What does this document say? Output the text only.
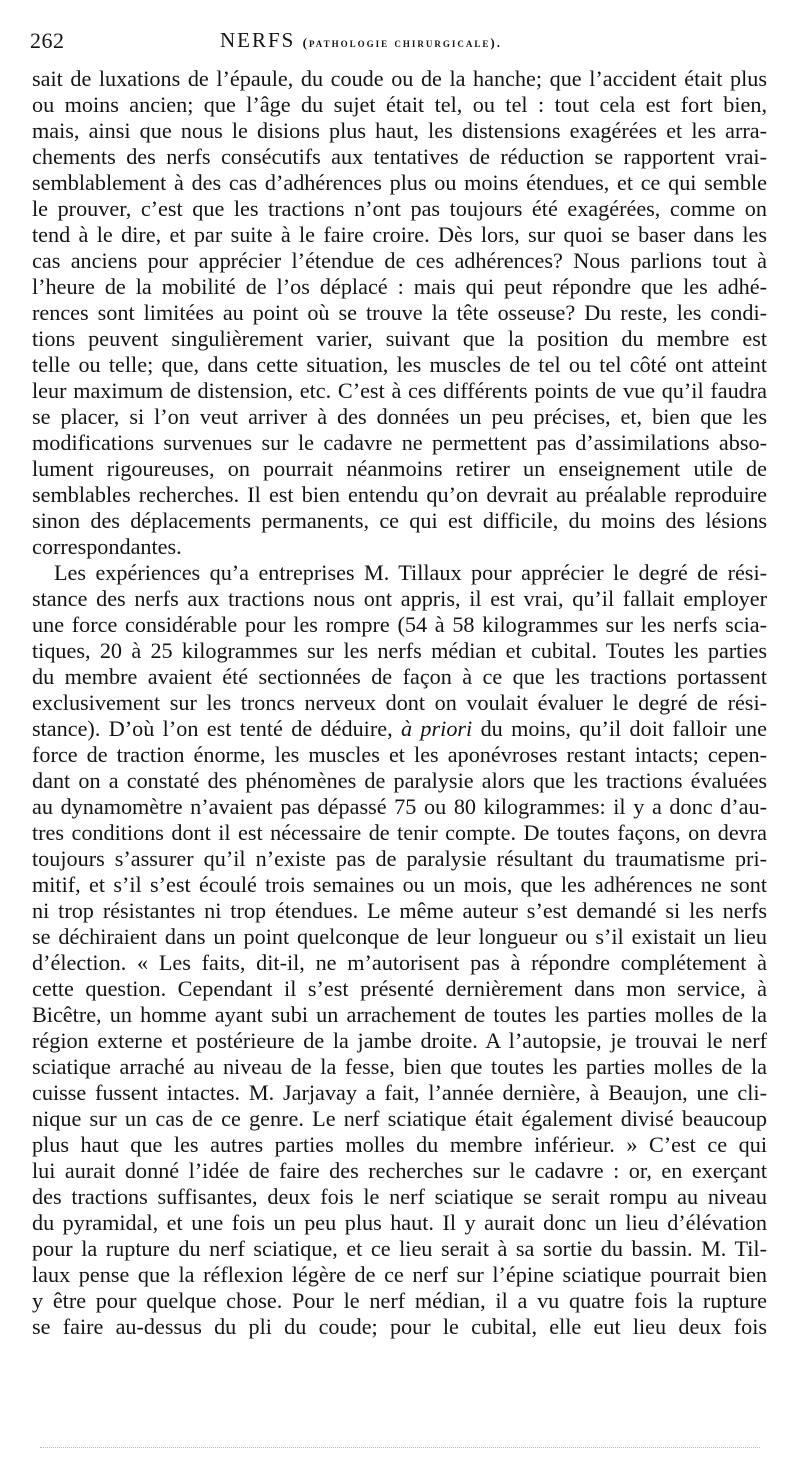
262	NERFS (pathologie chirurgicale).
sait de luxations de l’épaule, du coude ou de la hanche; que l’accident était plus
ou moins ancien; que l’âge du sujet était tel, ou tel : tout cela est fort bien,
mais, ainsi que nous le disions plus haut, les distensions exagérées et les arra-
chements des nerfs consécutifs aux tentatives de réduction se rapportent vrai-
semblablement à des cas d’adhérences plus ou moins étendues, et ce qui semble
le prouver, c’est que les tractions n’ont pas toujours été exagérées, comme on
tend à le dire, et par suite à le faire croire. Dès lors, sur quoi se baser dans les
cas anciens pour apprécier l’étendue de ces adhérences? Nous parlions tout à
l’heure de la mobilité de l’os déplacé : mais qui peut répondre que les adhé-
rences sont limitées au point où se trouve la tête osseuse? Du reste, les condi-
tions peuvent singulièrement varier, suivant que la position du membre est
telle ou telle; que, dans cette situation, les muscles de tel ou tel côté ont atteint
leur maximum de distension, etc. C’est à ces différents points de vue qu’il faudra
se placer, si l’on veut arriver à des données un peu précises, et, bien que les
modifications survenues sur le cadavre ne permettent pas d’assimilations abso-
lument rigoureuses, on pourrait néanmoins retirer un enseignement utile de
semblables recherches. Il est bien entendu qu’on devrait au préalable reproduire
sinon des déplacements permanents, ce qui est difficile, du moins des lésions
correspondantes.
Les expériences qu’a entreprises M. Tillaux pour apprécier le degré de rési-
stance des nerfs aux tractions nous ont appris, il est vrai, qu’il fallait employer
une force considérable pour les rompre (54 à 58 kilogrammes sur les nerfs scia-
tiques, 20 à 25 kilogrammes sur les nerfs médian et cubital. Toutes les parties
du membre avaient été sectionnées de façon à ce que les tractions portassent
exclusivement sur les troncs nerveux dont on voulait évaluer le degré de rési-
stance). D’où l’on est tenté de déduire, à priori du moins, qu’il doit falloir une
force de traction énorme, les muscles et les aponévroses restant intacts; cepen-
dant on a constaté des phénomènes de paralysie alors que les tractions évaluées
au dynamomètre n’avaient pas dépassé 75 ou 80 kilogrammes: il y a donc d’au-
tres conditions dont il est nécessaire de tenir compte. De toutes façons, on devra
toujours s’assurer qu’il n’existe pas de paralysie résultant du traumatisme pri-
mitif, et s’il s’est écoulé trois semaines ou un mois, que les adhérences ne sont
ni trop résistantes ni trop étendues. Le même auteur s’est demandé si les nerfs
se déchiraient dans un point quelconque de leur longueur ou s’il existait un lieu
d’élection. « Les faits, dit-il, ne m’autorisent pas à répondre complétement à
cette question. Cependant il s’est présenté dernièrement dans mon service, à
Bicêtre, un homme ayant subi un arrachement de toutes les parties molles de la
région externe et postérieure de la jambe droite. A l’autopsie, je trouvai le nerf
sciatique arraché au niveau de la fesse, bien que toutes les parties molles de la
cuisse fussent intactes. M. Jarjavay a fait, l’année dernière, à Beaujon, une cli-
nique sur un cas de ce genre. Le nerf sciatique était également divisé beaucoup
plus haut que les autres parties molles du membre inférieur. » C’est ce qui
lui aurait donné l’idée de faire des recherches sur le cadavre : or, en exerçant
des tractions suffisantes, deux fois le nerf sciatique se serait rompu au niveau
du pyramidal, et une fois un peu plus haut. Il y aurait donc un lieu d’élévation
pour la rupture du nerf sciatique, et ce lieu serait à sa sortie du bassin. M. Til-
laux pense que la réflexion légère de ce nerf sur l’épine sciatique pourrait bien
y être pour quelque chose. Pour le nerf médian, il a vu quatre fois la rupture
se faire au-dessus du pli du coude; pour le cubital, elle eut lieu deux fois
